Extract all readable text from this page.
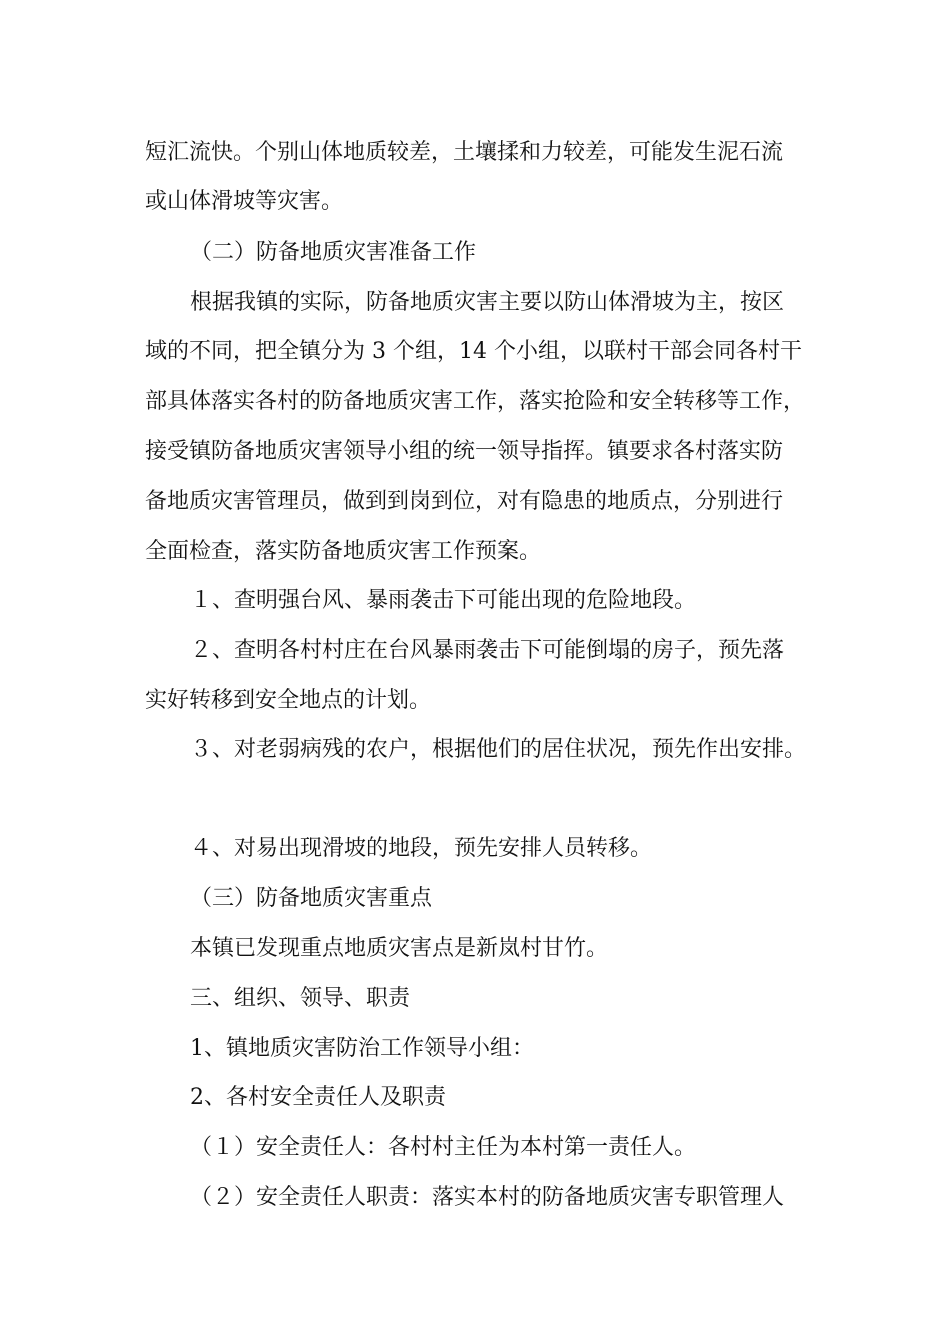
短汇流快。个别山体地质较差，土壤揉和力较差，可能发生泥石流

或山体滑坡等灾害。

（二）防备地质灾害准备工作

根据我镇的实际，防备地质灾害主要以防山体滑坡为主，按区

域的不同，把全镇分为 3 个组，14 个小组，以联村干部会同各村干

部具体落实各村的防备地质灾害工作，落实抢险和安全转移等工作，

接受镇防备地质灾害领导小组的统一领导指挥。镇要求各村落实防

备地质灾害管理员，做到到岗到位，对有隐患的地质点，分别进行

全面检查，落实防备地质灾害工作预案。

１、查明强台风、暴雨袭击下可能出现的危险地段。

２、查明各村村庄在台风暴雨袭击下可能倒塌的房子，预先落

实好转移到安全地点的计划。

３、对老弱病残的农户，根据他们的居住状况，预先作出安排。

４、对易出现滑坡的地段，预先安排人员转移。

（三）防备地质灾害重点

本镇已发现重点地质灾害点是新岚村甘竹。

三、组织、领导、职责

1、镇地质灾害防治工作领导小组：

2、各村安全责任人及职责

（１）安全责任人：各村村主任为本村第一责任人。

（２）安全责任人职责：落实本村的防备地质灾害专职管理人
